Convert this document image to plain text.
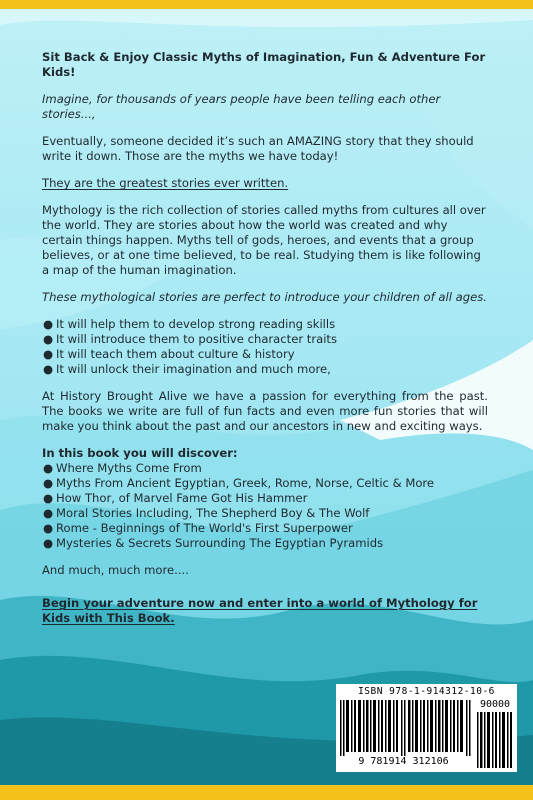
Sit Back & Enjoy Classic Myths of Imagination, Fun & Adventure For Kids!

Imagine, for thousands of years people have been telling each other stories...,

Eventually, someone decided it’s such an AMAZING story that they should write it down. Those are the myths we have today!

They are the greatest stories ever written.

Mythology is the rich collection of stories called myths from cultures all over the world. They are stories about how the world was created and why certain things happen. Myths tell of gods, heroes, and events that a group believes, or at one time believed, to be real. Studying them is like following a map of the human imagination.

These mythological stories are perfect to introduce your children of all ages.

● It will help them to develop strong reading skills
● It will introduce them to positive character traits
● It will teach them about culture & history
● It will unlock their imagination and much more,

At History Brought Alive we have a passion for everything from the past. The books we write are full of fun facts and even more fun stories that will make you think about the past and our ancestors in new and exciting ways.

In this book you will discover:

● Where Myths Come From
● Myths From Ancient Egyptian, Greek, Rome, Norse, Celtic & More
● How Thor, of Marvel Fame Got His Hammer
● Moral Stories Including, The Shepherd Boy & The Wolf
● Rome - Beginnings of The World's First Superpower
● Mysteries & Secrets Surrounding The Egyptian Pyramids

And much, much more....

Begin your adventure now and enter into a world of Mythology for Kids with This Book.

ISBN 978-1-914312-10-6
9 781914 312106
90000
